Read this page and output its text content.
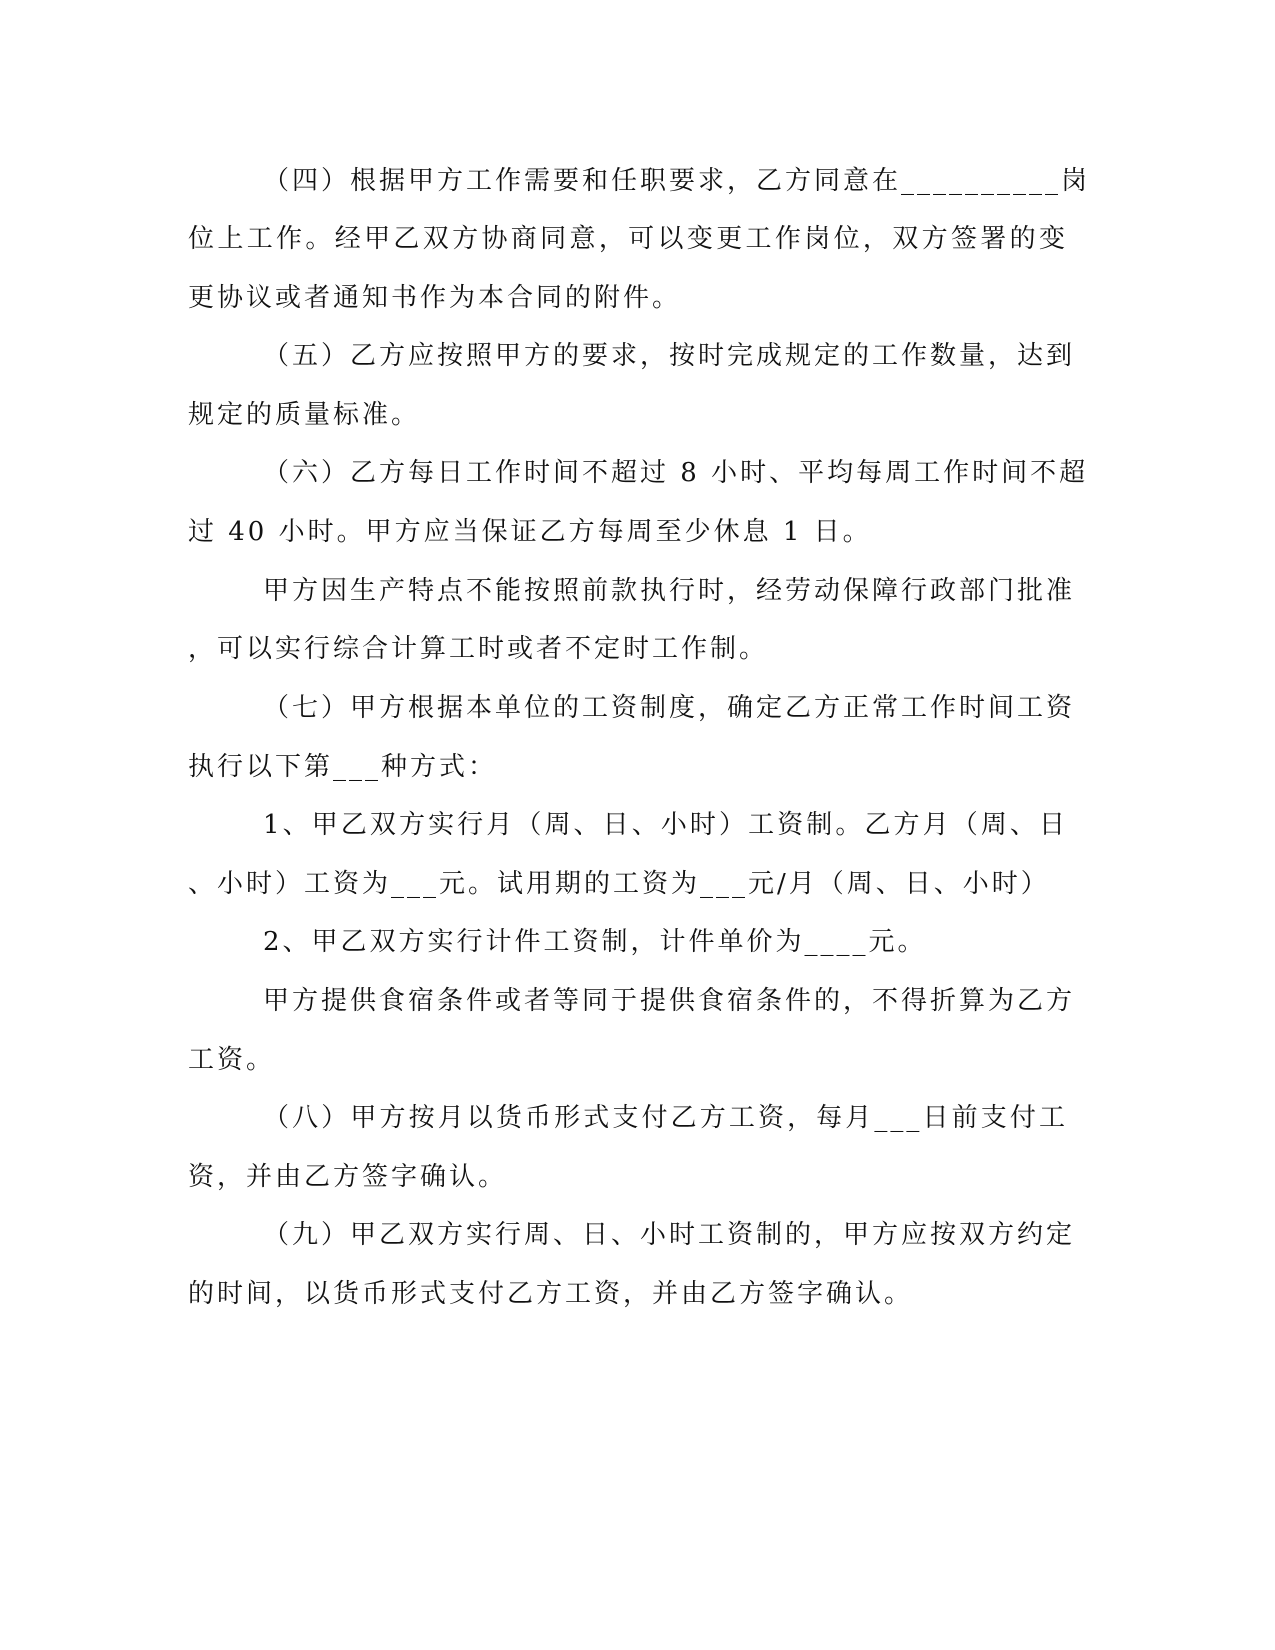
（四）根据甲方工作需要和任职要求，乙方同意在__________岗
位上工作。经甲乙双方协商同意，可以变更工作岗位，双方签署的变
更协议或者通知书作为本合同的附件。
（五）乙方应按照甲方的要求，按时完成规定的工作数量，达到
规定的质量标准。
（六）乙方每日工作时间不超过 8 小时、平均每周工作时间不超
过 40 小时。甲方应当保证乙方每周至少休息 1 日。
甲方因生产特点不能按照前款执行时，经劳动保障行政部门批准
，可以实行综合计算工时或者不定时工作制。
（七）甲方根据本单位的工资制度，确定乙方正常工作时间工资
执行以下第___种方式：
1、甲乙双方实行月（周、日、小时）工资制。乙方月（周、日
、小时）工资为___元。试用期的工资为___元/月（周、日、小时）
2、甲乙双方实行计件工资制，计件单价为____元。
甲方提供食宿条件或者等同于提供食宿条件的，不得折算为乙方
工资。
（八）甲方按月以货币形式支付乙方工资，每月___日前支付工
资，并由乙方签字确认。
（九）甲乙双方实行周、日、小时工资制的，甲方应按双方约定
的时间，以货币形式支付乙方工资，并由乙方签字确认。
